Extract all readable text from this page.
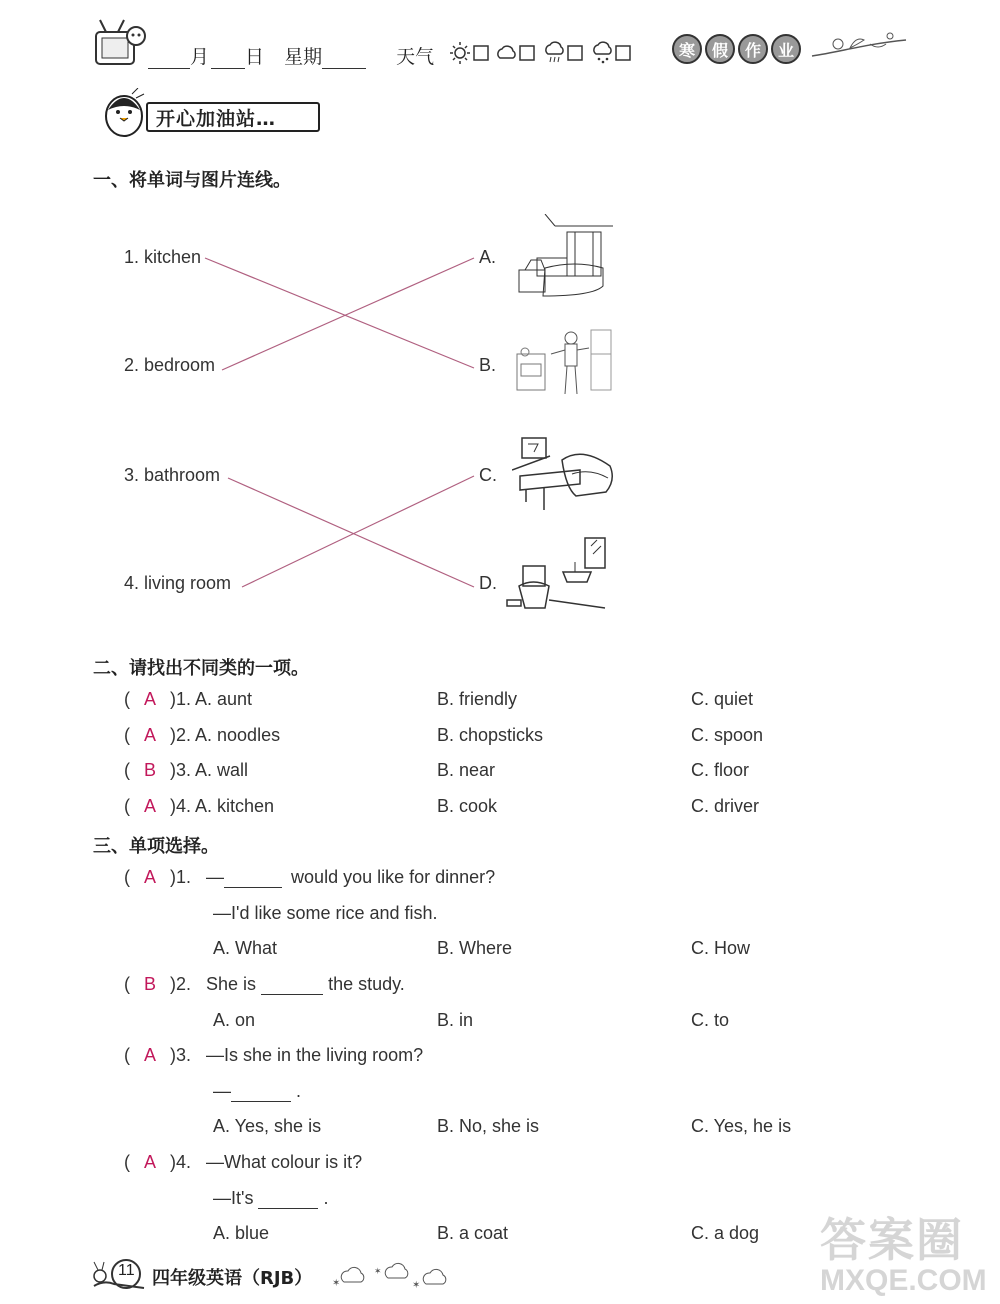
月 日 星期	天气	寒	假	作	业
开心加油站…
一、将单词与图片连线。
1. kitchen
2. bedroom
3. bathroom
4. living room
A.
B.
C.
D.
二、请找出不同类的一项。
( A )1. A. aunt	B. friendly	C. quiet
( A )2. A. noodles	B. chopsticks	C. spoon
( B )3. A. wall	B. near	C. floor
( A )4. A. kitchen	B. cook	C. driver
三、单项选择。
( A )1. —	would you like for dinner?
—I'd like some rice and fish.
A. What	B. Where	C. How
( B )2. She is	the study.
A. on	B. in	C. to
( A )3. —Is she in the living room?
—	.
A. Yes, she is	B. No, she is	C. Yes, he is
( A )4. —What colour is it?
—It's	.
A. blue	B. a coat	C. a dog
11 四年级英语（RJB） ✶
✶
✶
答案圈
MXQE.COM
